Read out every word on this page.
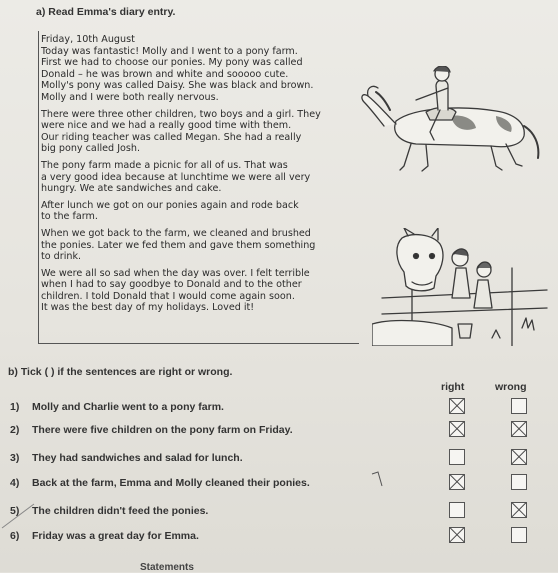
a) Read Emma's diary entry.
Friday, 10th August
Today was fantastic! Molly and I went to a pony farm.
First we had to choose our ponies. My pony was called
Donald – he was brown and white and sooooo cute.
Molly's pony was called Daisy. She was black and brown.
Molly and I were both really nervous.
There were three other children, two boys and a girl. They
were nice and we had a really good time with them.
Our riding teacher was called Megan. She had a really
big pony called Josh.
The pony farm made a picnic for all of us. That was
a very good idea because at lunchtime we were all very
hungry. We ate sandwiches and cake.
After lunch we got on our ponies again and rode back
to the farm.
When we got back to the farm, we cleaned and brushed
the ponies. Later we fed them and gave them something
to drink.
We were all so sad when the day was over. I felt terrible
when I had to say goodbye to Donald and to the other
children. I told Donald that I would come again soon.
It was the best day of my holidays. Loved it!
b) Tick ( ) if the sentences are right or wrong.
right	wrong
1) Molly and Charlie went to a pony farm.
2) There were five children on the pony farm on Friday.
3) They had sandwiches and salad for lunch.
4) Back at the farm, Emma and Molly cleaned their ponies.
5) The children didn't feed the ponies.
6) Friday was a great day for Emma.
Statements
